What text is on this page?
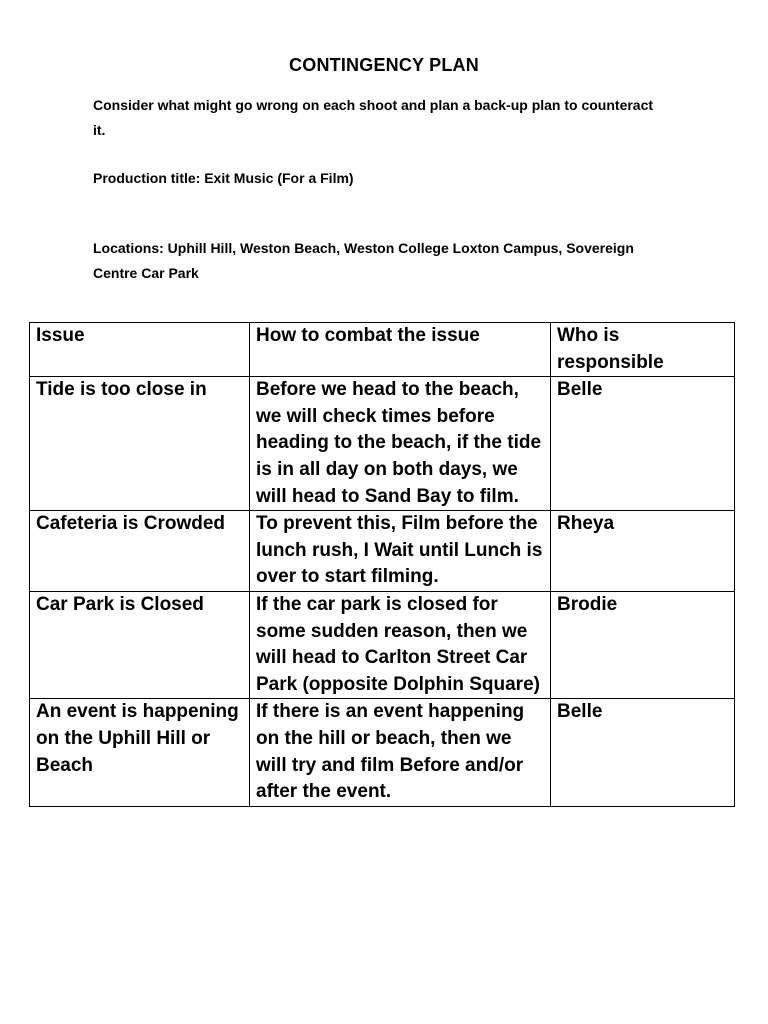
CONTINGENCY PLAN
Consider what might go wrong on each shoot and plan a back-up plan to counteract it.
Production title: Exit Music (For a Film)
Locations: Uphill Hill, Weston Beach, Weston College Loxton Campus, Sovereign Centre Car Park
Issue	How to combat the issue	Who is responsible
Tide is too close in	Before we head to the beach, we will check times before heading to the beach, if the tide is in all day on both days, we will head to Sand Bay to film.	Belle
Cafeteria is Crowded	To prevent this, Film before the lunch rush, I Wait until Lunch is over to start filming.	Rheya
Car Park is Closed	If the car park is closed for some sudden reason, then we will head to Carlton Street Car Park (opposite Dolphin Square)	Brodie
An event is happening on the Uphill Hill or Beach	If there is an event happening on the hill or beach, then we will try and film Before and/or after the event.	Belle
